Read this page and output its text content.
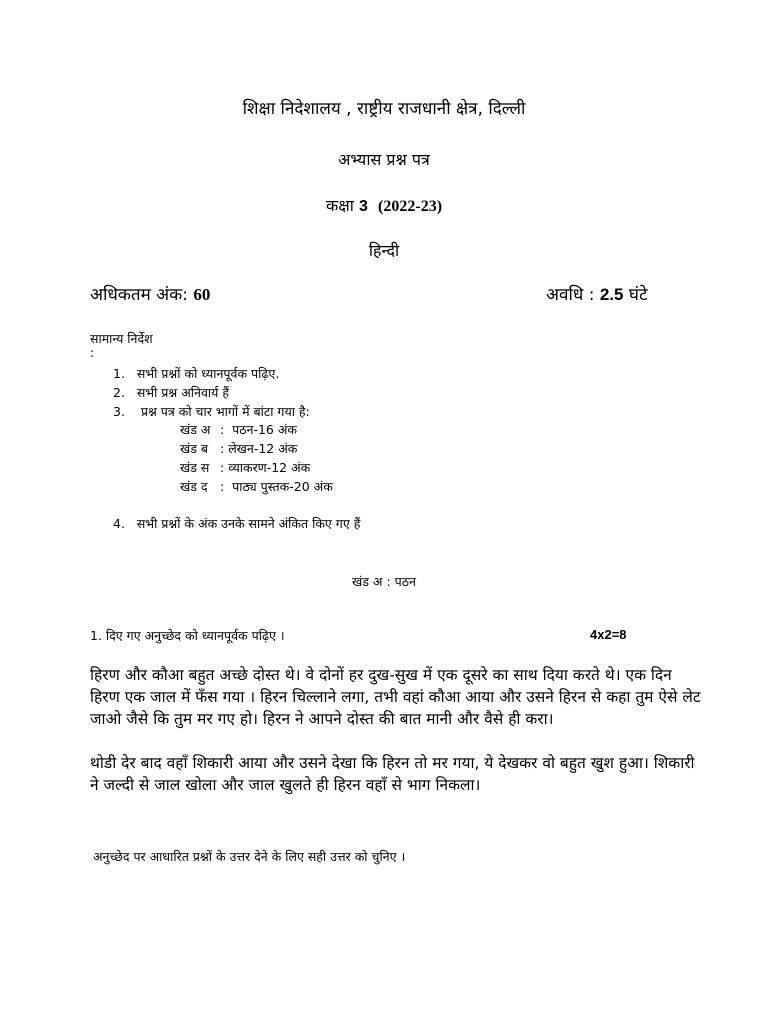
शिक्षा निदेशालय , राष्ट्रीय राजधानी क्षेत्र, दिल्ली
अभ्यास प्रश्न पत्र
कक्षा 3 (2022-23)
हिन्दी
अधिकतम अंक: 60	अवधि : 2.5 घंटे
सामान्य निर्देश
:
1. सभी प्रश्नों को ध्यानपूर्वक पढ़िए.
2. सभी प्रश्न अनिवार्य हैं
3. प्रश्न पत्र को चार भागों में बांटा गया है:
खंड अ : पठन-16 अंक
खंड ब : लेखन-12 अंक
खंड स : व्याकरण-12 अंक
खंड द : पाठ्य पुस्तक-20 अंक
4. सभी प्रश्नों के अंक उनके सामने अंकित किए गए हैं
खंड अ : पठन
1. दिए गए अनुच्छेद को ध्यानपूर्वक पढ़िए ।	4x2=8
हिरण और कौआ बहुत अच्छे दोस्त थे। वे दोनों हर दुख-सुख में एक दूसरे का साथ दिया करते थे। एक दिन हिरण एक जाल में फँस गया । हिरन चिल्लाने लगा, तभी वहां कौआ आया और उसने हिरन से कहा तुम ऐसे लेट जाओ जैसे कि तुम मर गए हो। हिरन ने आपने दोस्त की बात मानी और वैसे ही करा।
थोडी देर बाद वहाँ शिकारी आया और उसने देखा कि हिरन तो मर गया, ये देखकर वो बहुत खुश हुआ। शिकारी ने जल्दी से जाल खोला और जाल खुलते ही हिरन वहाँ से भाग निकला।
अनुच्छेद पर आधारित प्रश्नों के उत्तर देने के लिए सही उत्तर को चुनिए ।
